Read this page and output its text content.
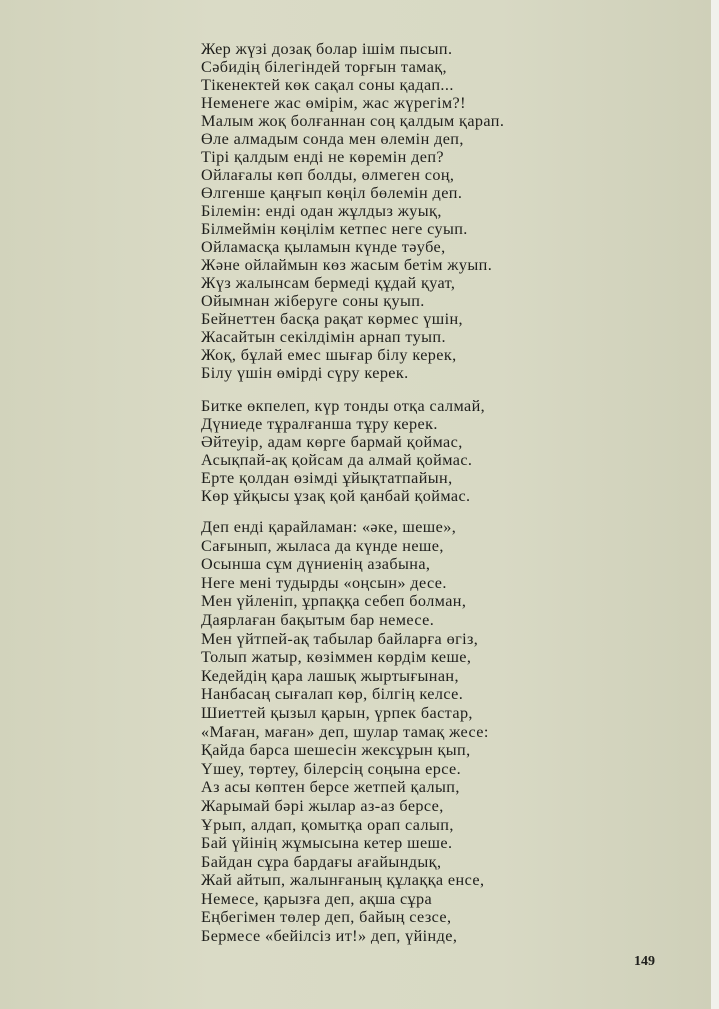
Жер жүзі дозақ болар ішім пысып.
Сәбидің білегіндей торғын тамақ,
Тікенектей көк сақал соны қадап...
Неменеге жас өмірім, жас жүрегім?!
Малым жоқ болғаннан соң қалдым қарап.
Өле алмадым сонда мен өлемін деп,
Тірі қалдым енді не көремін деп?
Ойлағалы көп болды, өлмеген соң,
Өлгенше қаңғып көңіл бөлемін деп.
Білемін: енді одан жұлдыз жуық,
Білмеймін көңілім кетпес неге суып.
Ойламасқа қыламын күнде тәубе,
Және ойлаймын көз жасым бетім жуып.
Жүз жалынсам бермеді құдай қуат,
Ойымнан жіберуге соны қуып.
Бейнеттен басқа рақат көрмес үшін,
Жасайтын секілдімін арнап туып.
Жоқ, бұлай емес шығар білу керек,
Білу үшін өмірді сүру керек.
Битке өкпелеп, күр тонды отқа салмай,
Дүниеде тұралғанша тұру керек.
Әйтеуір, адам көрге бармай қоймас,
Асықпай-ақ қойсам да алмай қоймас.
Ерте қолдан өзімді ұйықтатпайын,
Көр ұйқысы ұзақ қой қанбай қоймас.
Деп енді қарайламан: «әке, шеше»,
Сағынып, жыласа да күнде неше,
Осынша сұм дүниенің азабына,
Неге мені тудырды «оңсын» десе.
Мен үйленіп, ұрпаққа себеп болман,
Даярлаған бақытым бар немесе.
Мен үйтпей-ақ табылар байларға өгіз,
Толып жатыр, көзіммен көрдім кеше,
Кедейдің қара лашық жыртығынан,
Нанбасаң сығалап көр, білгің келсе.
Шиеттей қызыл қарын, үрпек бастар,
«Маған, маған» деп, шулар тамақ жесе:
Қайда барса шешесін жексұрын қып,
Үшеу, төртеу, білерсің соңына ерсе.
Аз асы көптен берсе жетпей қалып,
Жарымай бәрі жылар аз-аз берсе,
Ұрып, алдап, қомытқа орап салып,
Бай үйінің жұмысына кетер шеше.
Байдан сұра бардағы ағайындық,
Жай айтып, жалынғаның құлаққа енсе,
Немесе, қарызға деп, ақша сұра
Еңбегімен төлер деп, байың сезсе,
Бермесе «бейілсіз ит!» деп, үйінде,
149
